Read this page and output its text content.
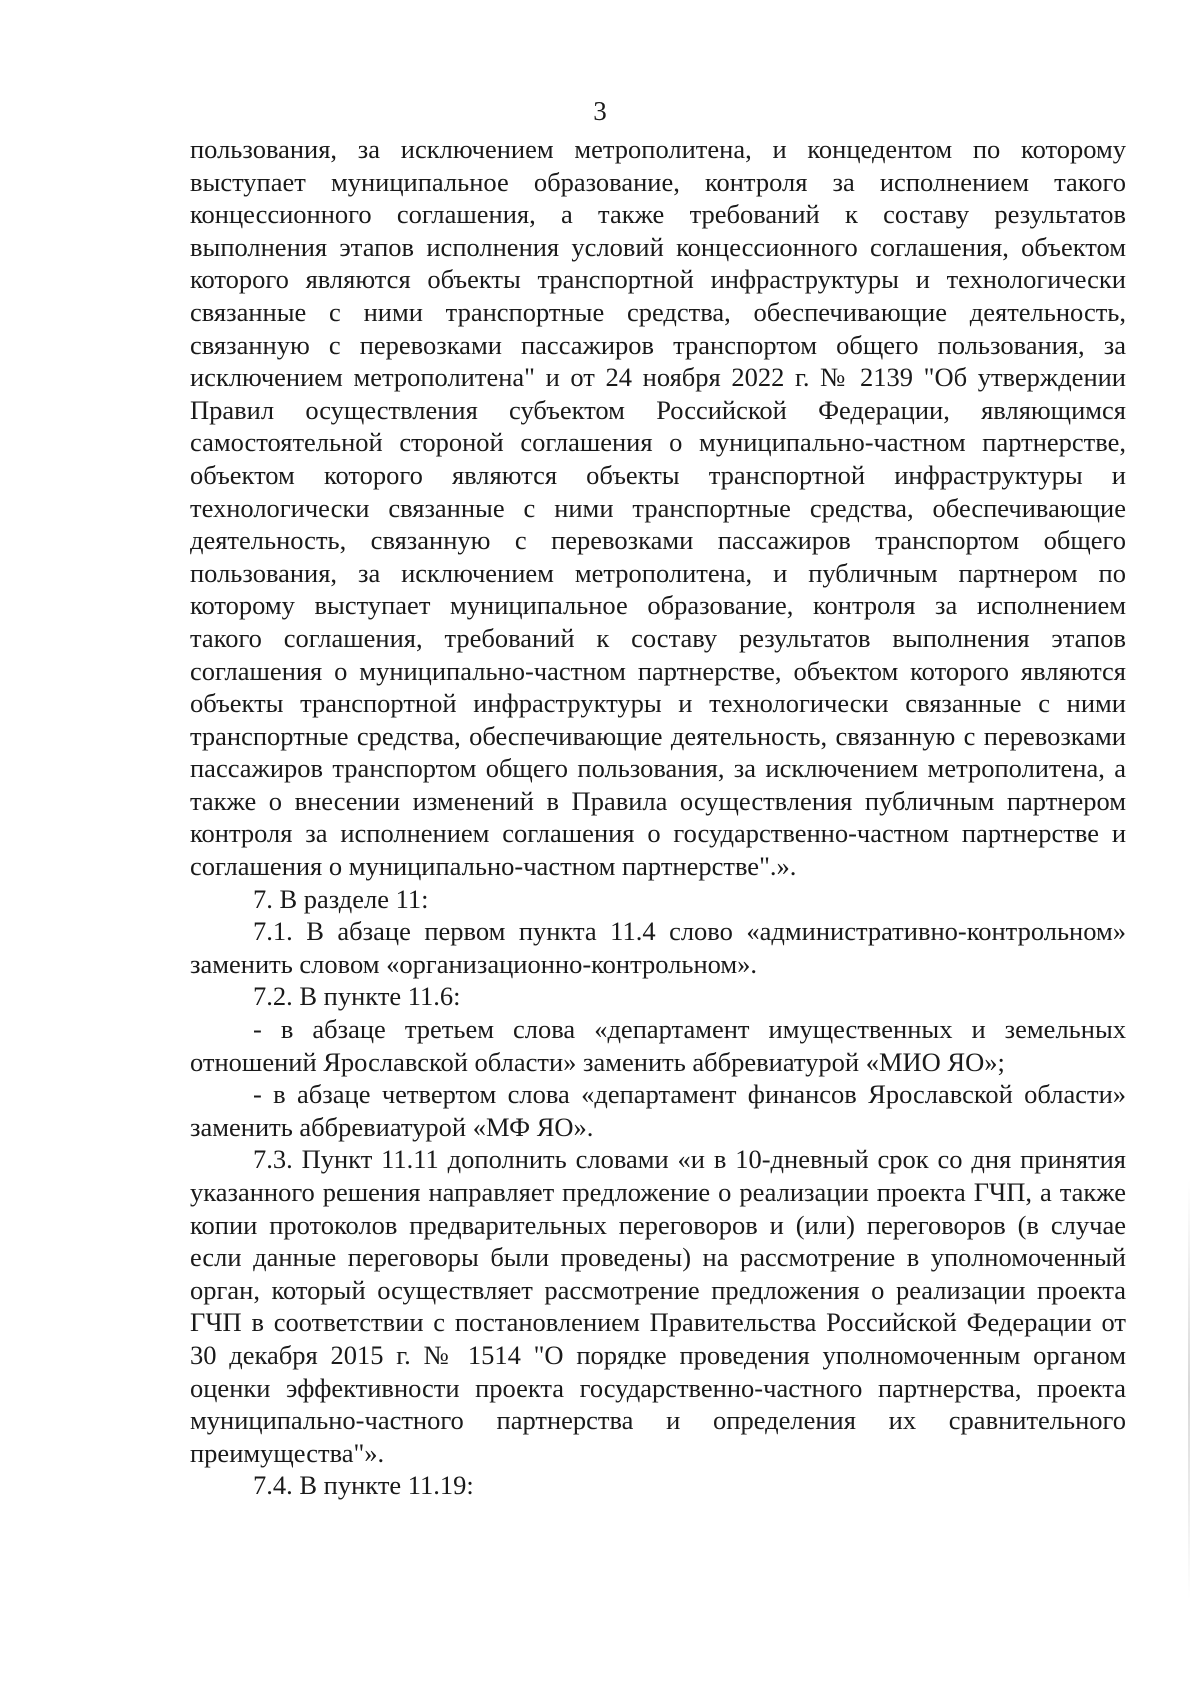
3

пользования, за исключением метрополитена, и концедентом по которому выступает муниципальное образование, контроля за исполнением такого концессионного соглашения, а также требований к составу результатов выполнения этапов исполнения условий концессионного соглашения, объектом которого являются объекты транспортной инфраструктуры и технологически связанные с ними транспортные средства, обеспечивающие деятельность, связанную с перевозками пассажиров транспортом общего пользования, за исключением метрополитена" и от 24 ноября 2022 г. № 2139 "Об утверждении Правил осуществления субъектом Российской Федерации, являющимся самостоятельной стороной соглашения о муниципально-частном партнерстве, объектом которого являются объекты транспортной инфраструктуры и технологически связанные с ними транспортные средства, обеспечивающие деятельность, связанную с перевозками пассажиров транспортом общего пользования, за исключением метрополитена, и публичным партнером по которому выступает муниципальное образование, контроля за исполнением такого соглашения, требований к составу результатов выполнения этапов соглашения о муниципально-частном партнерстве, объектом которого являются объекты транспортной инфраструктуры и технологически связанные с ними транспортные средства, обеспечивающие деятельность, связанную с перевозками пассажиров транспортом общего пользования, за исключением метрополитена, а также о внесении изменений в Правила осуществления публичным партнером контроля за исполнением соглашения о государственно-частном партнерстве и соглашения о муниципально-частном партнерстве".».

7. В разделе 11:

7.1. В абзаце первом пункта 11.4 слово «административно-контрольном» заменить словом «организационно-контрольном».

7.2. В пункте 11.6:

- в абзаце третьем слова «департамент имущественных и земельных отношений Ярославской области» заменить аббревиатурой «МИО ЯО»;

- в абзаце четвертом слова «департамент финансов Ярославской области» заменить аббревиатурой «МФ ЯО».

7.3. Пункт 11.11 дополнить словами «и в 10-дневный срок со дня принятия указанного решения направляет предложение о реализации проекта ГЧП, а также копии протоколов предварительных переговоров и (или) переговоров (в случае если данные переговоры были проведены) на рассмотрение в уполномоченный орган, который осуществляет рассмотрение предложения о реализации проекта ГЧП в соответствии с постановлением Правительства Российской Федерации от 30 декабря 2015 г. № 1514 "О порядке проведения уполномоченным органом оценки эффективности проекта государственно-частного партнерства, проекта муниципально-частного партнерства и определения их сравнительного преимущества"».

7.4. В пункте 11.19:
